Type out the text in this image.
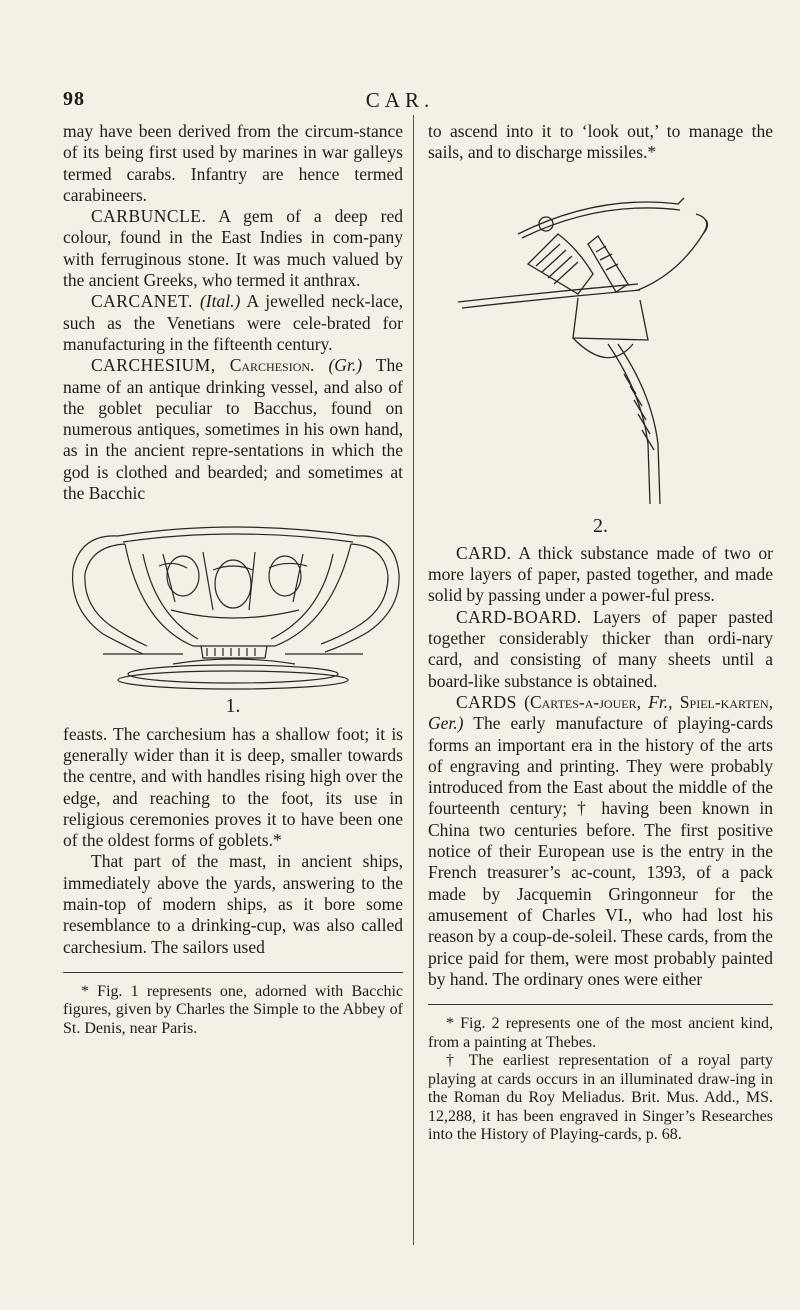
98	CAR.

may have been derived from the circum-stance of its being first used by marines in war galleys termed carabs. Infantry are hence termed carabineers.

CARBUNCLE. A gem of a deep red colour, found in the East Indies in com-pany with ferruginous stone. It was much valued by the ancient Greeks, who termed it anthrax.

CARCANET. (Ital.) A jewelled neck-lace, such as the Venetians were cele-brated for manufacturing in the fifteenth century.

CARCHESIUM, Carchesion. (Gr.) The name of an antique drinking vessel, and also of the goblet peculiar to Bacchus, found on numerous antiques, sometimes in his own hand, as in the ancient repre-sentations in which the god is clothed and bearded; and sometimes at the Bacchic

1.

feasts. The carchesium has a shallow foot; it is generally wider than it is deep, smaller towards the centre, and with handles rising high over the edge, and reaching to the foot, its use in religious ceremonies proves it to have been one of the oldest forms of goblets.*

That part of the mast, in ancient ships, immediately above the yards, answering to the main-top of modern ships, as it bore some resemblance to a drinking-cup, was also called carchesium. The sailors used

* Fig. 1 represents one, adorned with Bacchic figures, given by Charles the Simple to the Abbey of St. Denis, near Paris.

to ascend into it to ‘look out,’ to manage the sails, and to discharge missiles.*

2.

CARD. A thick substance made of two or more layers of paper, pasted together, and made solid by passing under a power-ful press.

CARD-BOARD. Layers of paper pasted together considerably thicker than ordi-nary card, and consisting of many sheets until a board-like substance is obtained.

CARDS (Cartes-a-jouer, Fr., Spiel-karten, Ger.) The early manufacture of playing-cards forms an important era in the history of the arts of engraving and printing. They were probably introduced from the East about the middle of the fourteenth century; † having been known in China two centuries before. The first positive notice of their European use is the entry in the French treasurer’s ac-count, 1393, of a pack made by Jacquemin Gringonneur for the amusement of Charles VI., who had lost his reason by a coup-de-soleil. These cards, from the price paid for them, were most probably painted by hand. The ordinary ones were either

* Fig. 2 represents one of the most ancient kind, from a painting at Thebes.

† The earliest representation of a royal party playing at cards occurs in an illuminated draw-ing in the Roman du Roy Meliadus. Brit. Mus. Add., MS. 12,288, it has been engraved in Singer’s Researches into the History of Playing-cards, p. 68.
